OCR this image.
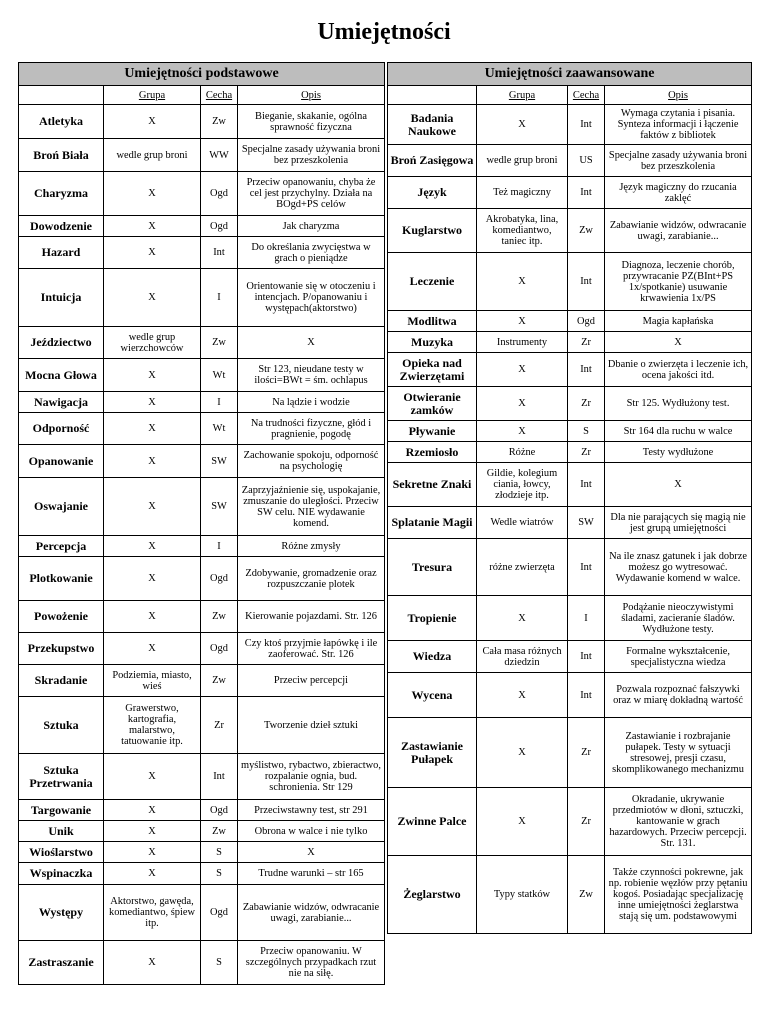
Umiejętności
Umiejętności podstawowe			
	Grupa	Cecha	Opis
Atletyka	X	Zw	Bieganie, skakanie, ogólna sprawność fizyczna
Broń Biała	wedle grup broni	WW	Specjalne zasady używania broni bez przeszkolenia
Charyzma	X	Ogd	Przeciw opanowaniu, chyba że cel jest przychylny. Działa na BOgd+PS celów
Dowodzenie	X	Ogd	Jak charyzma
Hazard	X	Int	Do określania zwycięstwa w grach o pieniądze
Intuicja	X	I	Orientowanie się w otoczeniu i intencjach. P/opanowaniu i występach(aktorstwo)
Jeździectwo	wedle grup wierzchowców	Zw	X
Mocna Głowa	X	Wt	Str 123, nieudane testy w ilości=BWt = śm. ochlapus
Nawigacja	X	I	Na lądzie i wodzie
Odporność	X	Wt	Na trudności fizyczne, głód i pragnienie, pogodę
Opanowanie	X	SW	Zachowanie spokoju, odporność na psychologię
Oswajanie	X	SW	Zaprzyjaźnienie się, uspokajanie, zmuszanie do uległości. Przeciw SW celu. NIE wydawanie komend.
Percepcja	X	I	Różne zmysły
Plotkowanie	X	Ogd	Zdobywanie, gromadzenie oraz rozpuszczanie plotek
Powożenie	X	Zw	Kierowanie pojazdami. Str. 126
Przekupstwo	X	Ogd	Czy ktoś przyjmie łapówkę i ile zaoferować. Str. 126
Skradanie	Podziemia, miasto, wieś	Zw	Przeciw percepcji
Sztuka	Grawerstwo, kartografia, malarstwo, tatuowanie itp.	Zr	Tworzenie dzieł sztuki
Sztuka Przetrwania	X	Int	myślistwo, rybactwo, zbieractwo, rozpalanie ognia, bud. schronienia. Str 129
Targowanie	X	Ogd	Przeciwstawny test, str 291
Unik	X	Zw	Obrona w walce i nie tylko
Wioślarstwo	X	S	X
Wspinaczka	X	S	Trudne warunki – str 165
Występy	Aktorstwo, gawęda, komediantwo, śpiew itp.	Ogd	Zabawianie widzów, odwracanie uwagi, zarabianie...
Zastraszanie	X	S	Przeciw opanowaniu. W szczególnych przypadkach rzut nie na siłę.
Umiejętności zaawansowane			
	Grupa	Cecha	Opis
Badania Naukowe	X	Int	Wymaga czytania i pisania. Synteza informacji i łączenie faktów z bibliotek
Broń Zasięgowa	wedle grup broni	US	Specjalne zasady używania broni bez przeszkolenia
Język	Też magiczny	Int	Język magiczny do rzucania zaklęć
Kuglarstwo	Akrobatyka, lina, komediantwo, taniec itp.	Zw	Zabawianie widzów, odwracanie uwagi, zarabianie...
Leczenie	X	Int	Diagnoza, leczenie chorób, przywracanie PZ(BInt+PS 1x/spotkanie) usuwanie krwawienia 1x/PS
Modlitwa	X	Ogd	Magia kapłańska
Muzyka	Instrumenty	Zr	X
Opieka nad Zwierzętami	X	Int	Dbanie o zwierzęta i leczenie ich, ocena jakości itd.
Otwieranie zamków	X	Zr	Str 125. Wydłużony test.
Pływanie	X	S	Str 164 dla ruchu w walce
Rzemiosło	Różne	Zr	Testy wydłużone
Sekretne Znaki	Gildie, kolegium ciania, łowcy, złodzieje itp.	Int	X
Splatanie Magii	Wedle wiatrów	SW	Dla nie parających się magią nie jest grupą umiejętności
Tresura	różne zwierzęta	Int	Na ile znasz gatunek i jak dobrze możesz go wytresować. Wydawanie komend w walce.
Tropienie	X	I	Podążanie nieoczywistymi śladami, zacieranie śladów. Wydłużone testy.
Wiedza	Cała masa różnych dziedzin	Int	Formalne wykształcenie, specjalistyczna wiedza
Wycena	X	Int	Pozwala rozpoznać fałszywki oraz w miarę dokładną wartość
Zastawianie Pułapek	X	Zr	Zastawianie i rozbrajanie pułapek. Testy w sytuacji stresowej, presji czasu, skomplikowanego mechanizmu
Zwinne Palce	X	Zr	Okradanie, ukrywanie przedmiotów w dłoni, sztuczki, kantowanie w grach hazardowych. Przeciw percepcji. Str. 131.
Żeglarstwo	Typy statków	Zw	Także czynności pokrewne, jak np. robienie węzłów przy pętaniu kogoś. Posiadając specjalizację inne umiejętności żeglarstwa stają się um. podstawowymi
